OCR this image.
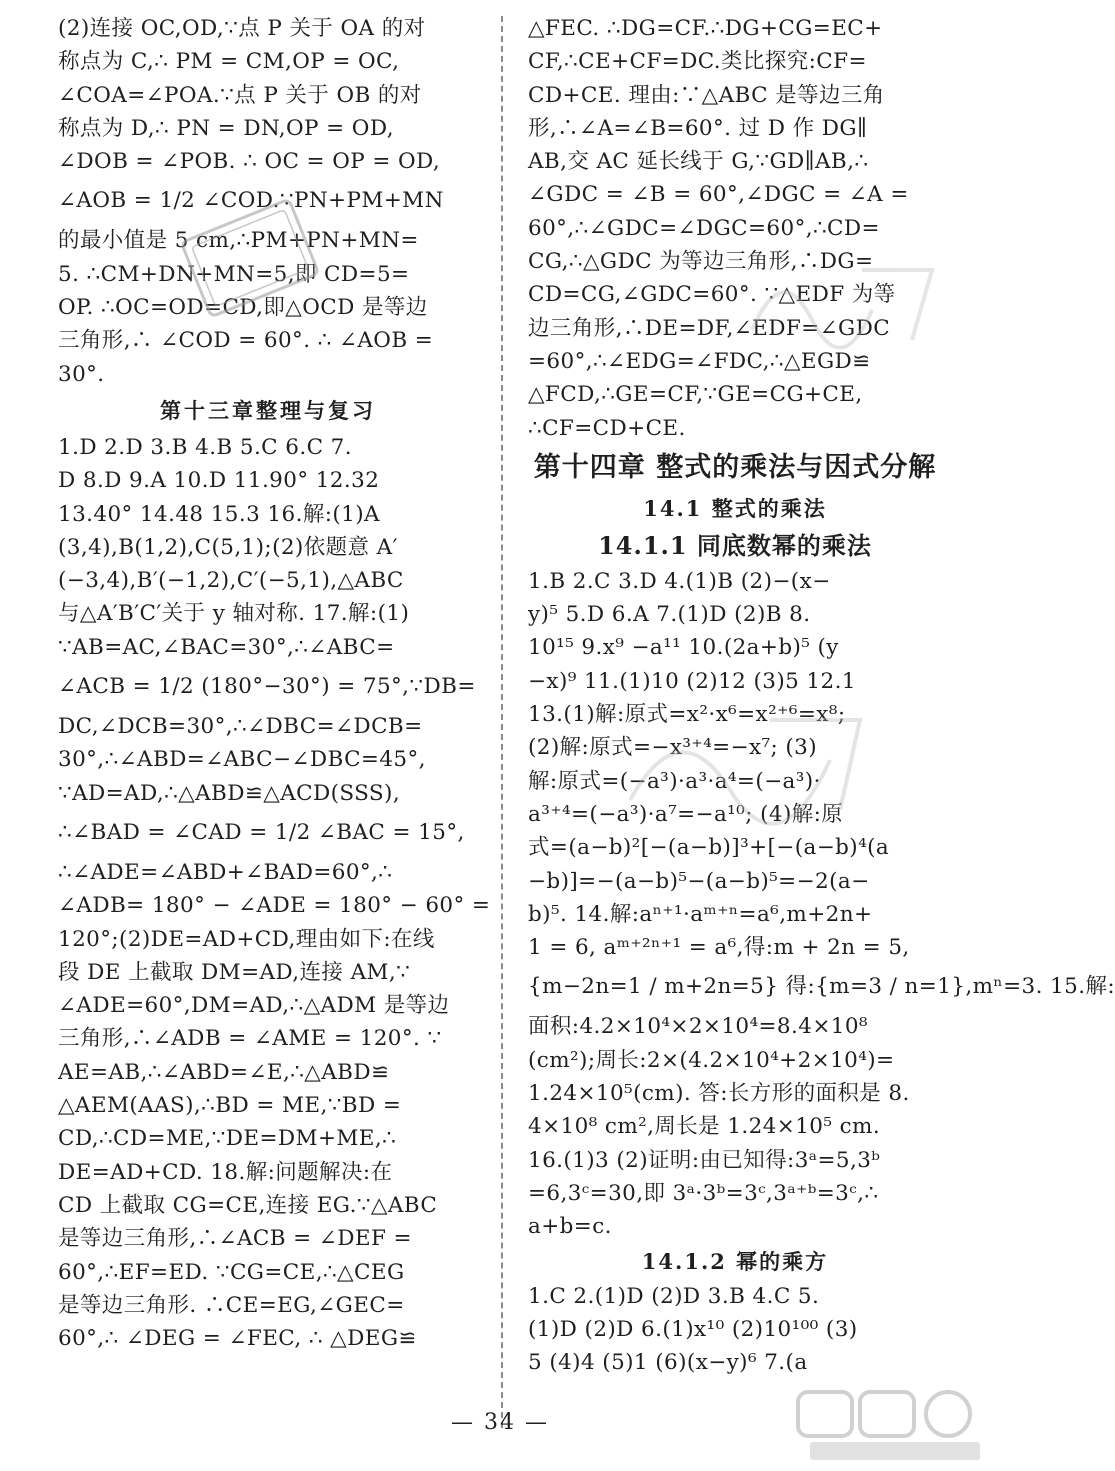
(2)连接 OC,OD,∵点 P 关于 OA 的对
称点为 C,∴ PM = CM,OP = OC,
∠COA=∠POA.∵点 P 关于 OB 的对
称点为 D,∴ PN = DN,OP = OD,
∠DOB = ∠POB. ∴ OC = OP = OD,
∠AOB = 1/2 ∠COD.∵PN+PM+MN
的最小值是 5 cm,∴PM+PN+MN=
5. ∴CM+DN+MN=5,即 CD=5=
OP. ∴OC=OD=CD,即△OCD 是等边
三角形,∴ ∠COD = 60°. ∴ ∠AOB =
30°.
第十三章整理与复习
1.D 2.D 3.B 4.B 5.C 6.C 7.
D 8.D 9.A 10.D 11.90° 12.32
13.40° 14.48 15.3 16.解:(1)A
(3,4),B(1,2),C(5,1);(2)依题意 A′
(−3,4),B′(−1,2),C′(−5,1),△ABC
与△A′B′C′关于 y 轴对称. 17.解:(1)
∵AB=AC,∠BAC=30°,∴∠ABC=
∠ACB = 1/2 (180°−30°) = 75°,∵DB=
DC,∠DCB=30°,∴∠DBC=∠DCB=
30°,∴∠ABD=∠ABC−∠DBC=45°,
∵AD=AD,∴△ABD≌△ACD(SSS),
∴∠BAD = ∠CAD = 1/2 ∠BAC = 15°,
∴∠ADE=∠ABD+∠BAD=60°,∴
∠ADB= 180° − ∠ADE = 180° − 60° =
120°;(2)DE=AD+CD,理由如下:在线
段 DE 上截取 DM=AD,连接 AM,∵
∠ADE=60°,DM=AD,∴△ADM 是等边
三角形,∴∠ADB = ∠AME = 120°. ∵
AE=AB,∴∠ABD=∠E,∴△ABD≌
△AEM(AAS),∴BD = ME,∵BD =
CD,∴CD=ME,∵DE=DM+ME,∴
DE=AD+CD. 18.解:问题解决:在
CD 上截取 CG=CE,连接 EG.∵△ABC
是等边三角形,∴∠ACB = ∠DEF =
60°,∴EF=ED. ∵CG=CE,∴△CEG
是等边三角形. ∴CE=EG,∠GEC=
60°,∴ ∠DEG = ∠FEC, ∴ △DEG≌
△FEC. ∴DG=CF.∴DG+CG=EC+
CF,∴CE+CF=DC.类比探究:CF=
CD+CE. 理由:∵△ABC 是等边三角
形,∴∠A=∠B=60°. 过 D 作 DG∥
AB,交 AC 延长线于 G,∵GD∥AB,∴
∠GDC = ∠B = 60°,∠DGC = ∠A =
60°,∴∠GDC=∠DGC=60°,∴CD=
CG,∴△GDC 为等边三角形,∴DG=
CD=CG,∠GDC=60°. ∵△EDF 为等
边三角形,∴DE=DF,∠EDF=∠GDC
=60°,∴∠EDG=∠FDC,∴△EGD≌
△FCD,∴GE=CF,∵GE=CG+CE,
∴CF=CD+CE.
第十四章 整式的乘法与因式分解
14.1 整式的乘法
14.1.1 同底数幂的乘法
1.B 2.C 3.D 4.(1)B (2)−(x−
y)⁵ 5.D 6.A 7.(1)D (2)B 8.
10¹⁵ 9.x⁹ −a¹¹ 10.(2a+b)⁵ (y
−x)⁹ 11.(1)10 (2)12 (3)5 12.1
13.(1)解:原式=x²·x⁶=x²⁺⁶=x⁸;
(2)解:原式=−x³⁺⁴=−x⁷; (3)
解:原式=(−a³)·a³·a⁴=(−a³)·
a³⁺⁴=(−a³)·a⁷=−a¹⁰; (4)解:原
式=(a−b)²[−(a−b)]³+[−(a−b)⁴(a
−b)]=−(a−b)⁵−(a−b)⁵=−2(a−
b)⁵. 14.解:aⁿ⁺¹·aᵐ⁺ⁿ=a⁶,m+2n+
1 = 6, aᵐ⁺²ⁿ⁺¹ = a⁶,得:m + 2n = 5,
{m−2n=1 / m+2n=5} 得:{m=3 / n=1},mⁿ=3. 15.解:
面积:4.2×10⁴×2×10⁴=8.4×10⁸
(cm²);周长:2×(4.2×10⁴+2×10⁴)=
1.24×10⁵(cm). 答:长方形的面积是 8.
4×10⁸ cm²,周长是 1.24×10⁵ cm.
16.(1)3 (2)证明:由已知得:3ᵃ=5,3ᵇ
=6,3ᶜ=30,即 3ᵃ·3ᵇ=3ᶜ,3ᵃ⁺ᵇ=3ᶜ,∴
a+b=c.
14.1.2 幂的乘方
1.C 2.(1)D (2)D 3.B 4.C 5.
(1)D (2)D 6.(1)x¹⁰ (2)10¹⁰⁰ (3)
5 (4)4 (5)1 (6)(x−y)⁶ 7.(a
— 34 —
